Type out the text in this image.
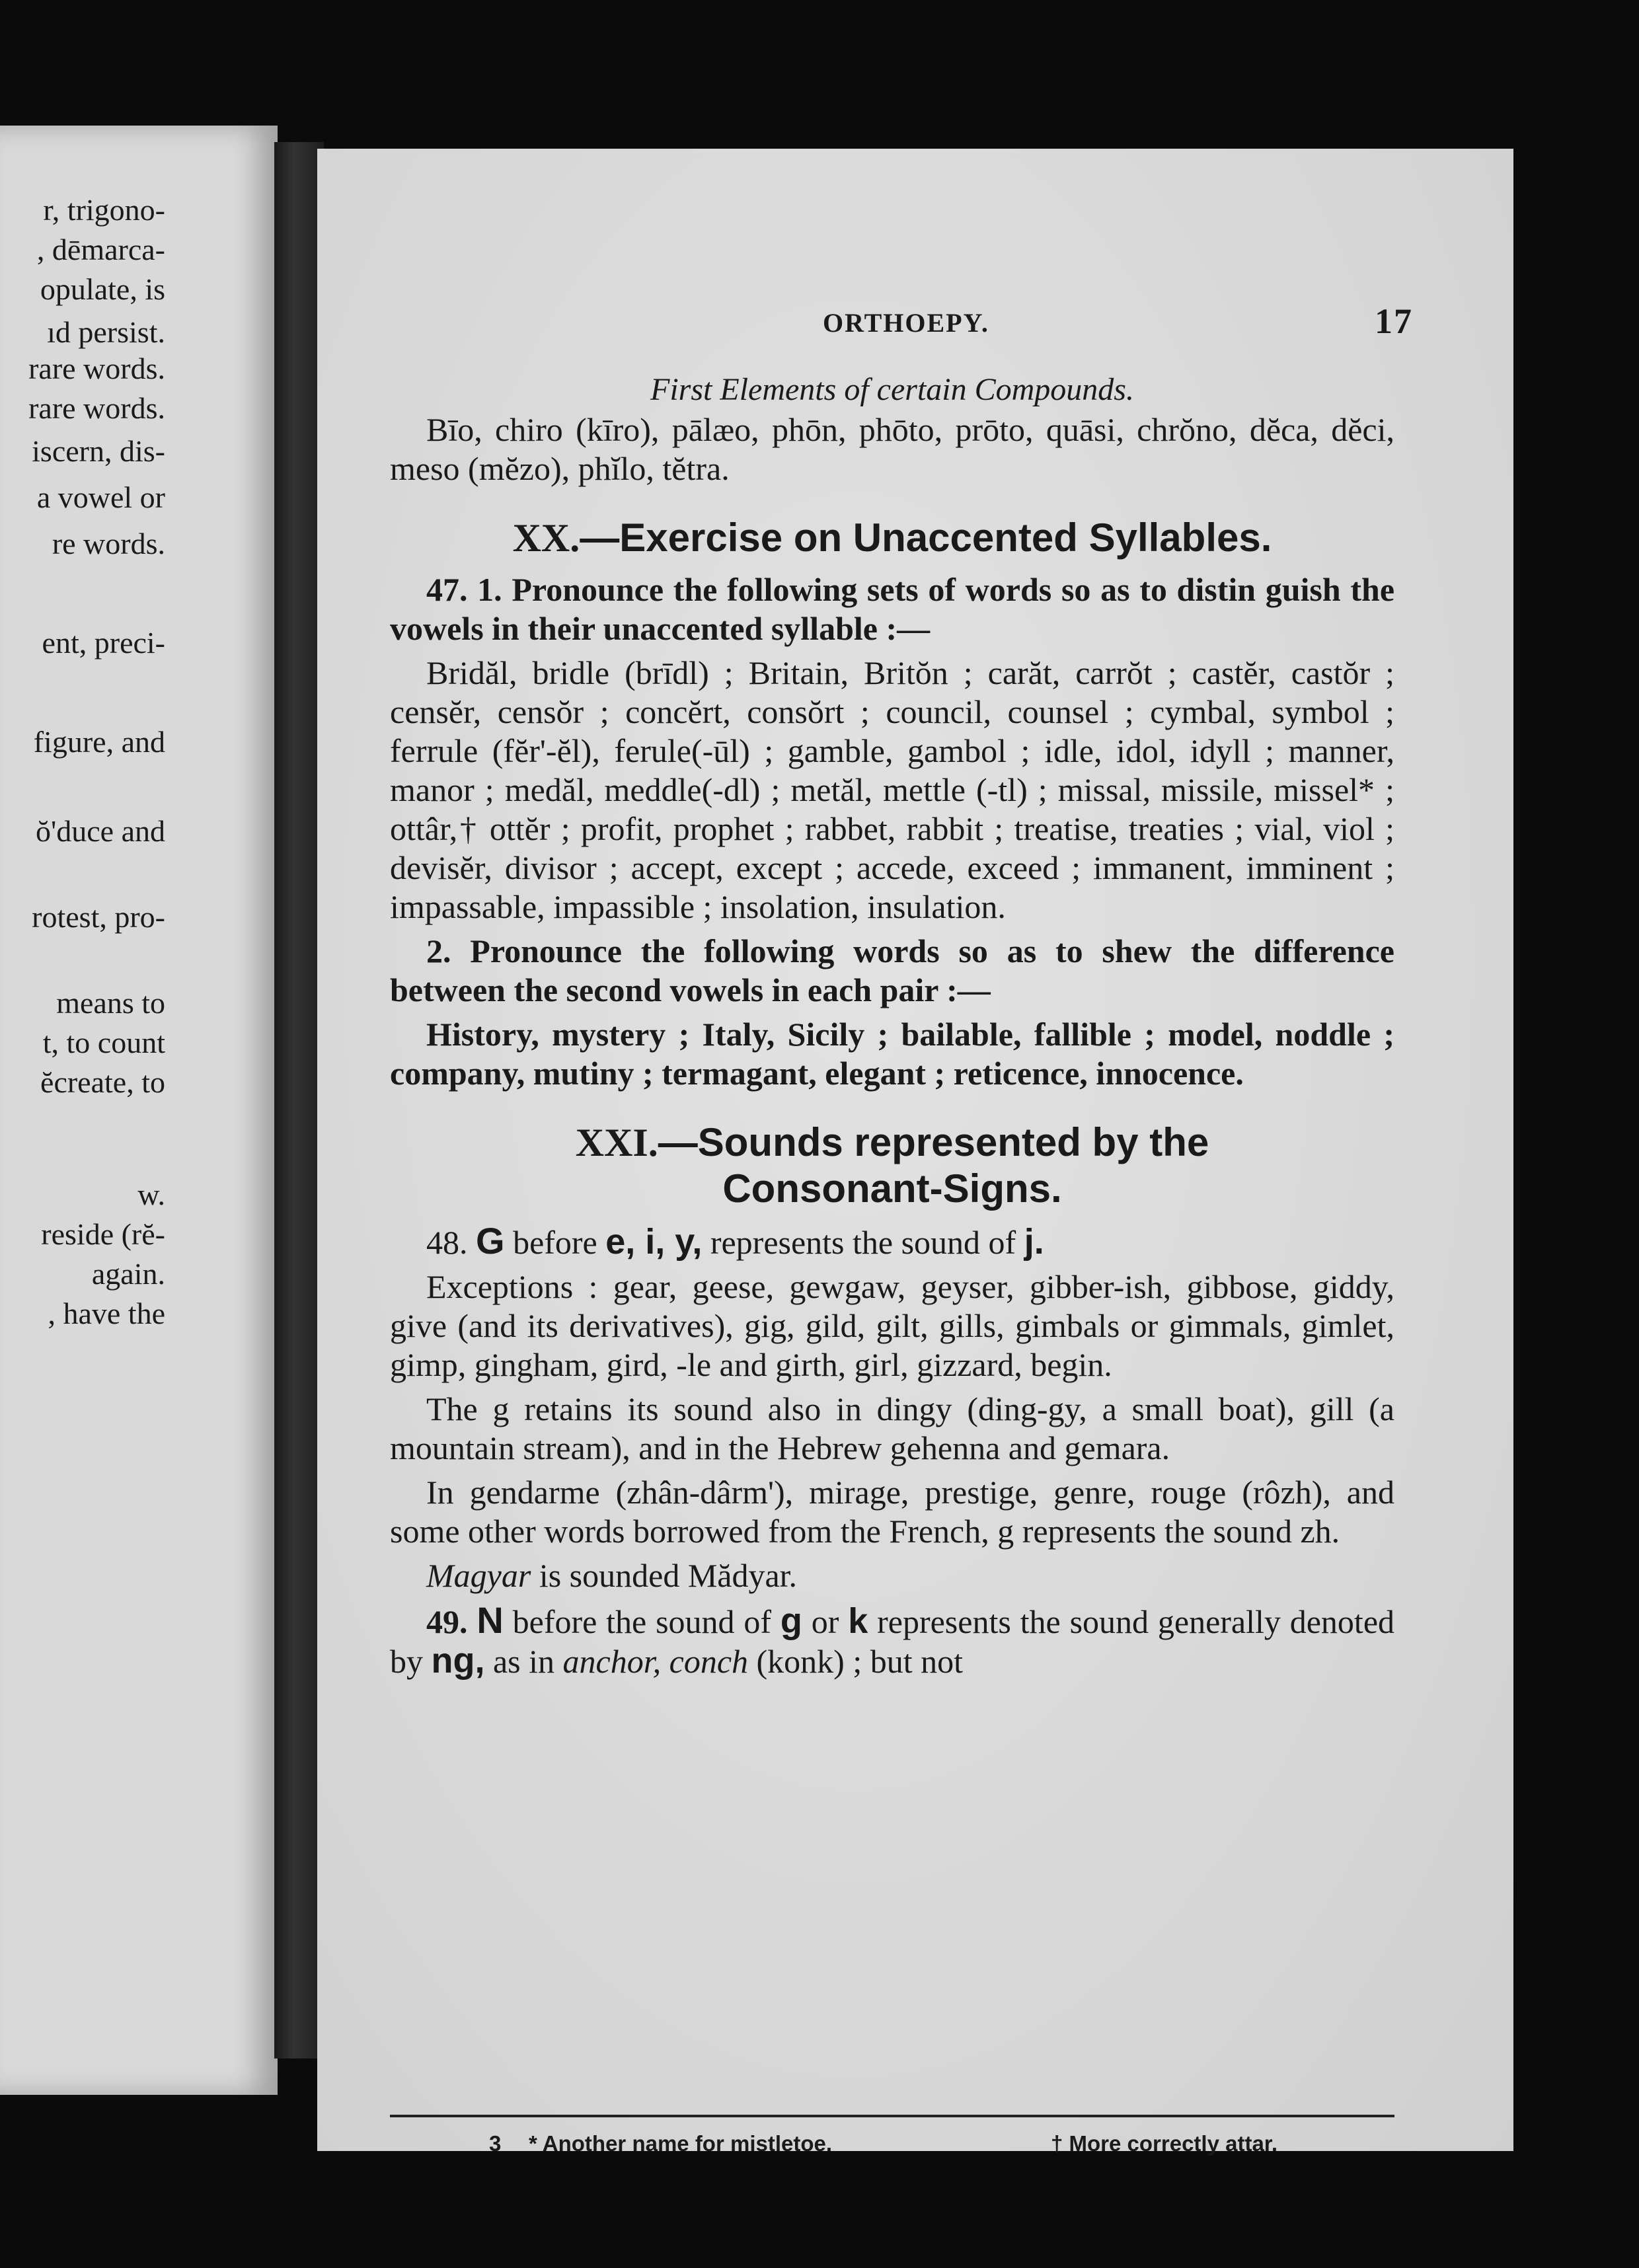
r, trigono-
, dēmarca-
opulate, is
ıd persist.
rare words.
rare words.
iscern, dis-
a vowel or
re words.
ent, preci-
figure, and
ŏ'duce and
rotest, pro-
means to
t, to count
ĕcreate, to
w.
reside (rĕ-
again.
, have the
ORTHOEPY.	17
First Elements of certain Compounds.

Bīo, chiro (kīro), pālæo, phōn, phōto, prōto, quāsi, chrŏno, dĕca, dĕci, meso (mĕzo), phĭlo, tĕtra.

XX.—Exercise on Unaccented Syllables.

47. 1. Pronounce the following sets of words so as to distin guish the vowels in their unaccented syllable :—

Bridăl, bridle (brīdl) ; Britain, Britŏn ; carăt, carrŏt ; castĕr, castŏr ; censĕr, censŏr ; concĕrt, consŏrt ; council, counsel ; cymbal, symbol ; ferrule (fĕr'-ĕl), ferule(-ūl) ; gamble, gambol ; idle, idol, idyll ; manner, manor ; medăl, meddle(-dl) ; metăl, mettle (-tl) ; missal, missile, missel* ; ottâr,† ottĕr ; profit, prophet ; rabbet, rabbit ; treatise, treaties ; vial, viol ; devisĕr, divisor ; accept, except ; accede, exceed ; immanent, imminent ; impassable, impassible ; insolation, insulation.

2. Pronounce the following words so as to shew the difference between the second vowels in each pair :—

History, mystery ; Italy, Sicily ; bailable, fallible ; model, noddle ; company, mutiny ; termagant, elegant ; reticence, innocence.

XXI.—Sounds represented by the
Consonant-Signs.

48. G before e, i, y, represents the sound of j.

Exceptions : gear, geese, gewgaw, geyser, gibber-ish, gibbose, giddy, give (and its derivatives), gig, gild, gilt, gills, gimbals or gimmals, gimlet, gimp, gingham, gird, -le and girth, girl, gizzard, begin.

The g retains its sound also in dingy (ding-gy, a small boat), gill (a mountain stream), and in the Hebrew gehenna and gemara.

In gendarme (zhân-dârm'), mirage, prestige, genre, rouge (rôzh), and some other words borrowed from the French, g represents the sound zh.

Magyar is sounded Mădyar.

49. N before the sound of g or k represents the sound generally denoted by ng, as in anchor, conch (konk) ; but not

3 * Another name for mistletoe.	† More correctly attar.
